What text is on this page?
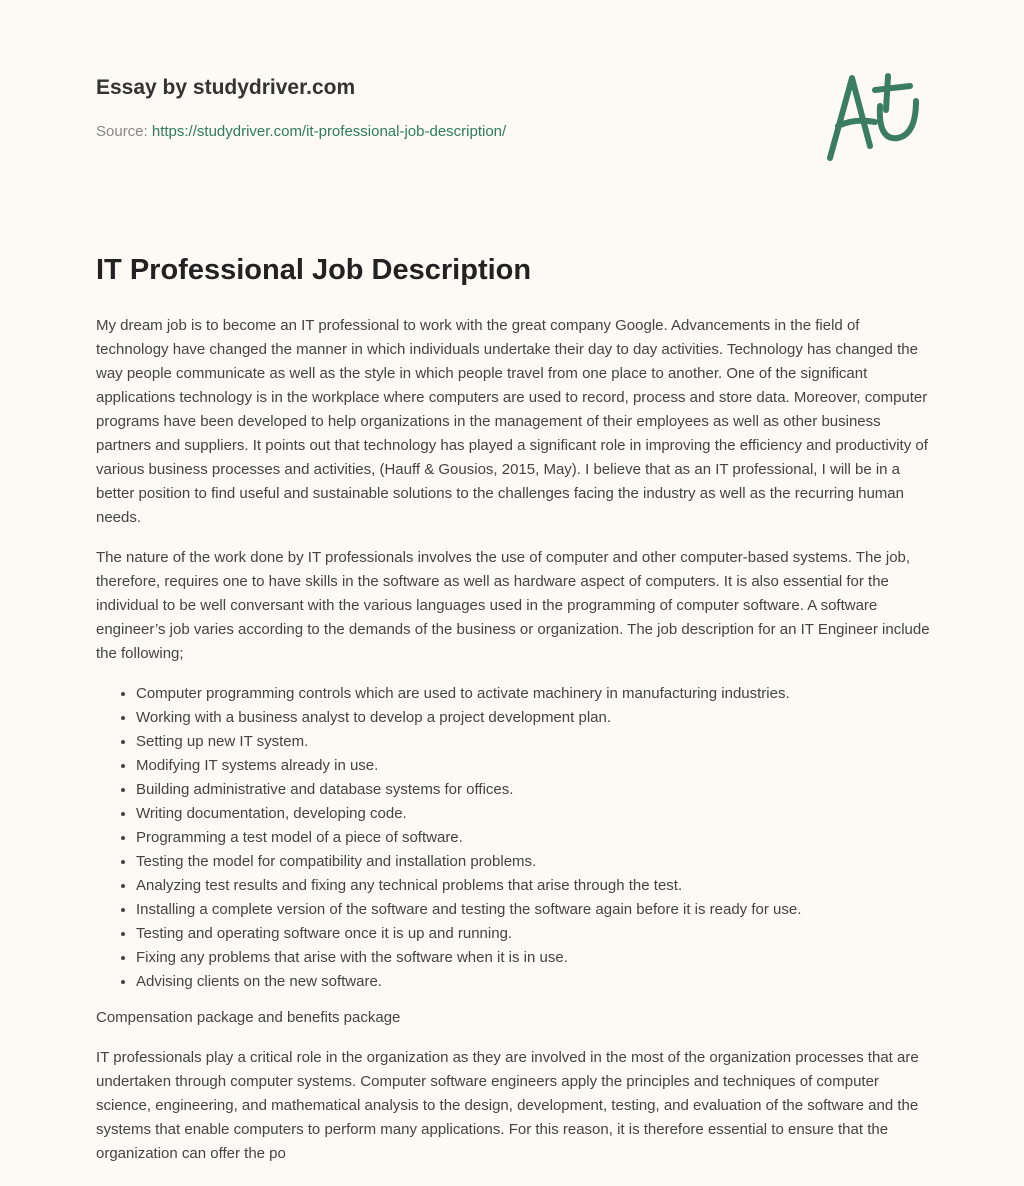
Essay by studydriver.com

Source: https://studydriver.com/it-professional-job-description/
IT Professional Job Description

My dream job is to become an IT professional to work with the great company Google. Advancements in the field of technology have changed the manner in which individuals undertake their day to day activities. Technology has changed the way people communicate as well as the style in which people travel from one place to another. One of the significant applications technology is in the workplace where computers are used to record, process and store data. Moreover, computer programs have been developed to help organizations in the management of their employees as well as other business partners and suppliers. It points out that technology has played a significant role in improving the efficiency and productivity of various business processes and activities, (Hauff & Gousios, 2015, May). I believe that as an IT professional, I will be in a better position to find useful and sustainable solutions to the challenges facing the industry as well as the recurring human needs.

The nature of the work done by IT professionals involves the use of computer and other computer-based systems. The job, therefore, requires one to have skills in the software as well as hardware aspect of computers. It is also essential for the individual to be well conversant with the various languages used in the programming of computer software. A software engineer’s job varies according to the demands of the business or organization. The job description for an IT Engineer include the following;

• Computer programming controls which are used to activate machinery in manufacturing industries.
• Working with a business analyst to develop a project development plan.
• Setting up new IT system.
• Modifying IT systems already in use.
• Building administrative and database systems for offices.
• Writing documentation, developing code.
• Programming a test model of a piece of software.
• Testing the model for compatibility and installation problems.
• Analyzing test results and fixing any technical problems that arise through the test.
• Installing a complete version of the software and testing the software again before it is ready for use.
• Testing and operating software once it is up and running.
• Fixing any problems that arise with the software when it is in use.
• Advising clients on the new software.

Compensation package and benefits package

IT professionals play a critical role in the organization as they are involved in the most of the organization processes that are undertaken through computer systems. Computer software engineers apply the principles and techniques of computer science, engineering, and mathematical analysis to the design, development, testing, and evaluation of the software and the systems that enable computers to perform many applications. For this reason, it is therefore essential to ensure that the organization can offer the po
